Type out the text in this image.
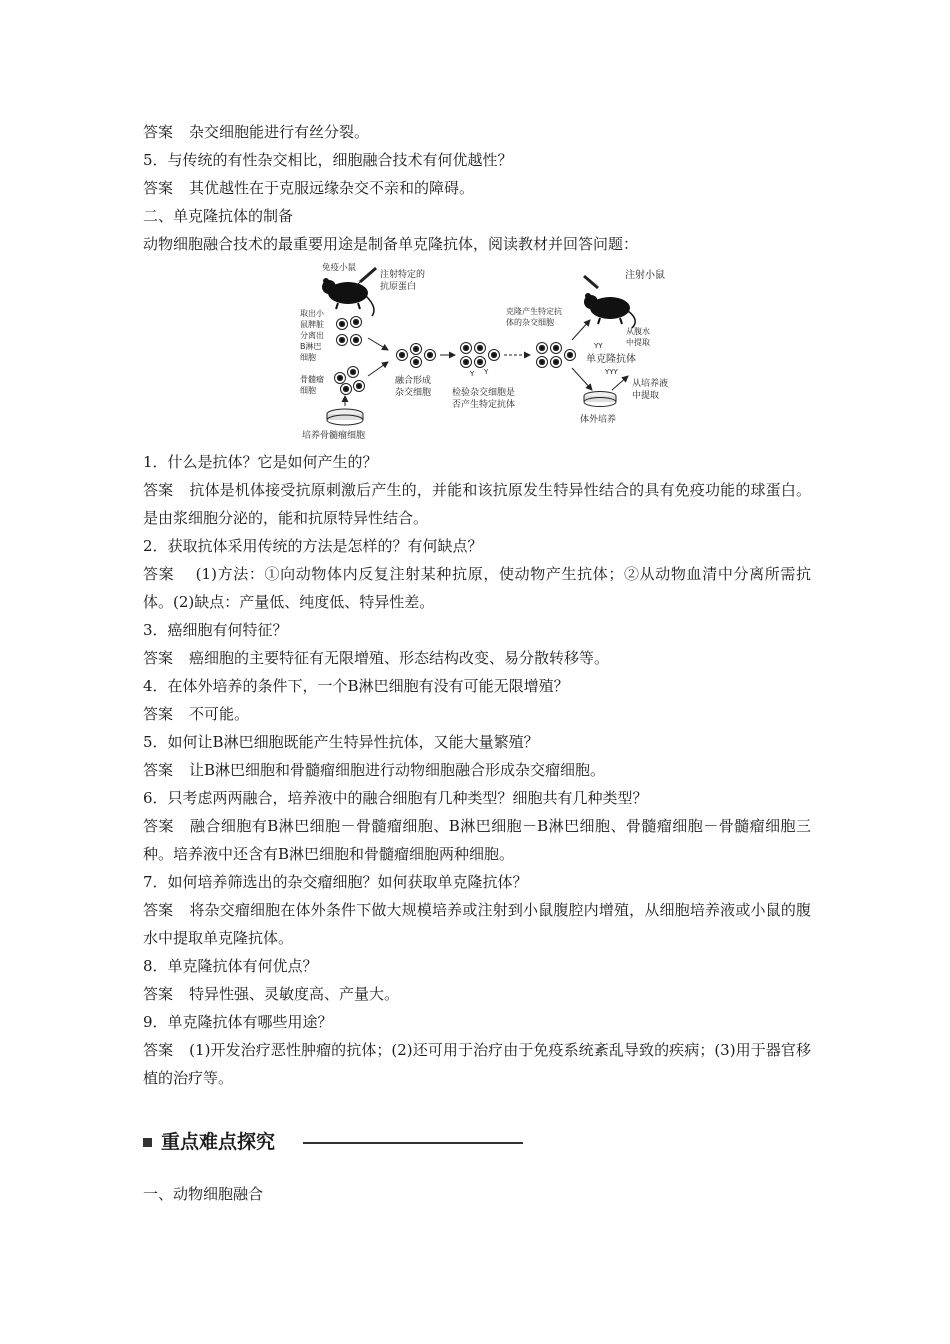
答案 杂交细胞能进行有丝分裂。
5．与传统的有性杂交相比，细胞融合技术有何优越性？
答案 其优越性在于克服远缘杂交不亲和的障碍。
二、单克隆抗体的制备
动物细胞融合技术的最重要用途是制备单克隆抗体，阅读教材并回答问题：
免疫小鼠
注射特定的
抗原蛋白
取出小
鼠脾脏
分离出
B淋巴
细胞
骨髓瘤
细胞
培养骨髓瘤细胞
融合形成
杂交细胞
Y Y
检验杂交细胞是
否产生特定抗体
克隆产生特定抗
体的杂交细胞
注射小鼠
从腹水
中提取
YY
单克隆抗体
YYY
从培养液
中提取
体外培养
1．什么是抗体？它是如何产生的？
答案 抗体是机体接受抗原刺激后产生的，并能和该抗原发生特异性结合的具有免疫功能的球蛋白。是由浆细胞分泌的，能和抗原特异性结合。
2．获取抗体采用传统的方法是怎样的？有何缺点？
答案 (1)方法：①向动物体内反复注射某种抗原，使动物产生抗体；②从动物血清中分离所需抗体。(2)缺点：产量低、纯度低、特异性差。
3．癌细胞有何特征？
答案 癌细胞的主要特征有无限增殖、形态结构改变、易分散转移等。
4．在体外培养的条件下，一个B淋巴细胞有没有可能无限增殖？
答案 不可能。
5．如何让B淋巴细胞既能产生特异性抗体，又能大量繁殖？
答案 让B淋巴细胞和骨髓瘤细胞进行动物细胞融合形成杂交瘤细胞。
6．只考虑两两融合，培养液中的融合细胞有几种类型？细胞共有几种类型？
答案 融合细胞有B淋巴细胞－骨髓瘤细胞、B淋巴细胞－B淋巴细胞、骨髓瘤细胞－骨髓瘤细胞三种。培养液中还含有B淋巴细胞和骨髓瘤细胞两种细胞。
7．如何培养筛选出的杂交瘤细胞？如何获取单克隆抗体？
答案 将杂交瘤细胞在体外条件下做大规模培养或注射到小鼠腹腔内增殖，从细胞培养液或小鼠的腹水中提取单克隆抗体。
8．单克隆抗体有何优点？
答案 特异性强、灵敏度高、产量大。
9．单克隆抗体有哪些用途？
答案 (1)开发治疗恶性肿瘤的抗体；(2)还可用于治疗由于免疫系统紊乱导致的疾病；(3)用于器官移植的治疗等。
重点难点探究
一、动物细胞融合
